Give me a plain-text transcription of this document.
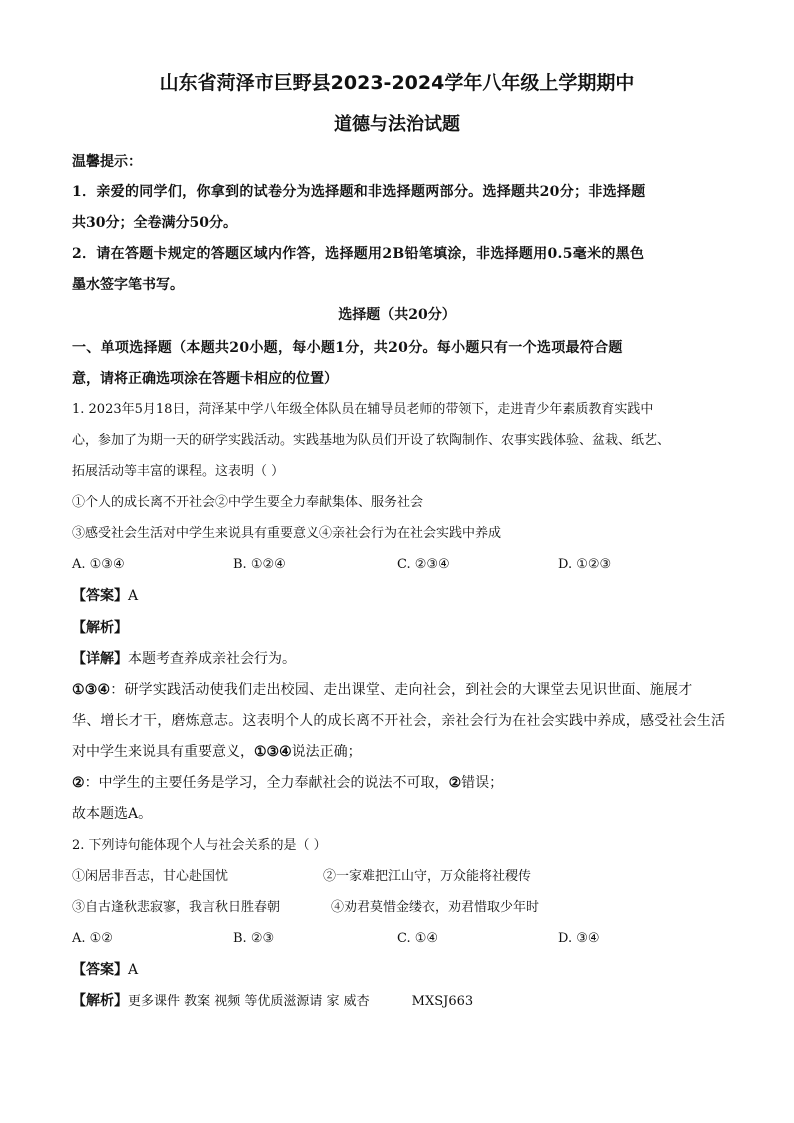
山东省菏泽市巨野县2023-2024学年八年级上学期期中
道德与法治试题
温馨提示：
1．亲爱的同学们，你拿到的试卷分为选择题和非选择题两部分。选择题共20分；非选择题
共30分；全卷满分50分。
2．请在答题卡规定的答题区域内作答，选择题用2B铅笔填涂，非选择题用0.5毫米的黑色
墨水签字笔书写。
选择题（共20分）
一、单项选择题（本题共20小题，每小题1分，共20分。每小题只有一个选项最符合题
意，请将正确选项涂在答题卡相应的位置）
1. 2023年5月18日，菏泽某中学八年级全体队员在辅导员老师的带领下，走进青少年素质教育实践中
心，参加了为期一天的研学实践活动。实践基地为队员们开设了软陶制作、农事实践体验、盆栽、纸艺、
拓展活动等丰富的课程。这表明（ ）
①个人的成长离不开社会②中学生要全力奉献集体、服务社会
③感受社会生活对中学生来说具有重要意义④亲社会行为在社会实践中养成
A. ①③④	B. ①②④	C. ②③④	D. ①②③
【答案】A
【解析】
【详解】本题考查养成亲社会行为。
①③④：研学实践活动使我们走出校园、走出课堂、走向社会，到社会的大课堂去见识世面、施展才
华、增长才干，磨炼意志。这表明个人的成长离不开社会，亲社会行为在社会实践中养成，感受社会生活
对中学生来说具有重要意义，①③④说法正确；
②：中学生的主要任务是学习，全力奉献社会的说法不可取，②错误；
故本题选A。
2. 下列诗句能体现个人与社会关系的是（ ）
①闲居非吾志，甘心赴国忧	②一家难把江山守，万众能将社稷传
③自古逢秋悲寂寥，我言秋日胜春朝	④劝君莫惜金缕衣，劝君惜取少年时
A. ①②	B. ②③	C. ①④	D. ③④
【答案】A
【解析】更多课件 教案 视频 等优质滋源请 家 威杏	MXSJ663
